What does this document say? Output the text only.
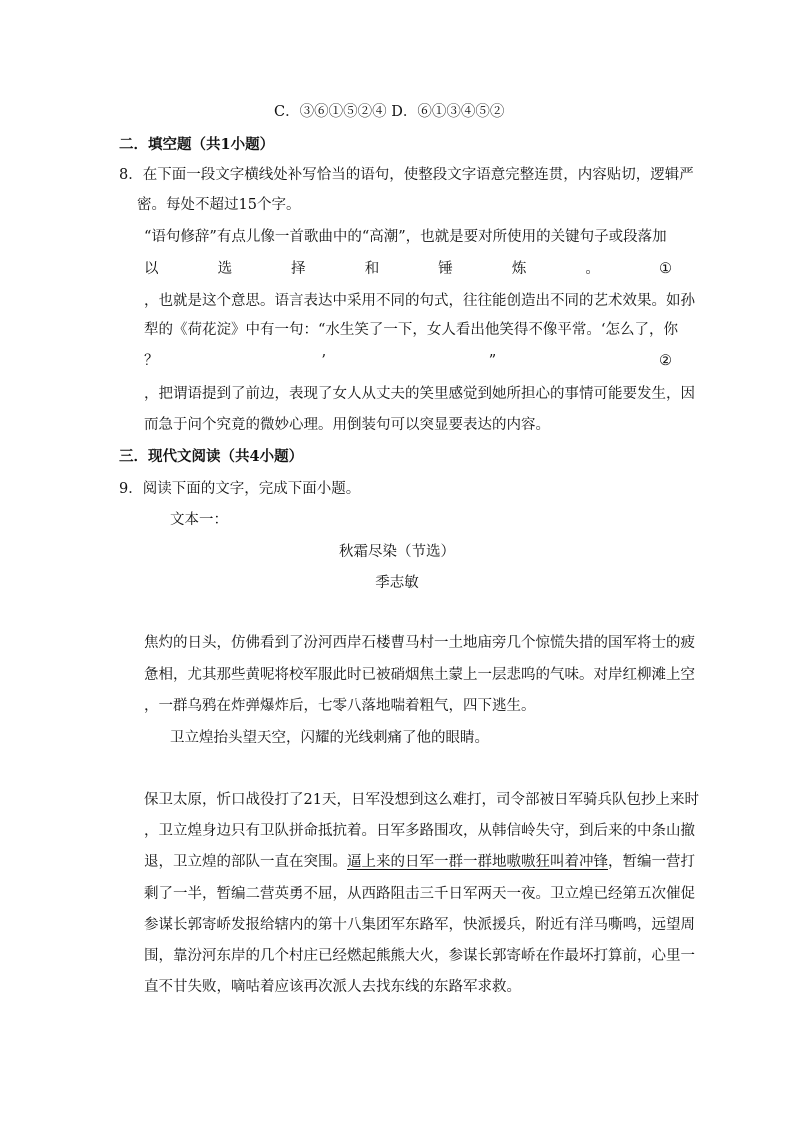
C．③⑥①⑤②④ D．⑥①③④⑤②
二．填空题（共1小题）
8．在下面一段文字横线处补写恰当的语句，使整段文字语意完整连贯，内容贴切，逻辑严
密。每处不超过15个字。
“语句修辞”有点儿像一首歌曲中的“高潮”，也就是要对所使用的关键句子或段落加
以	选	择	和	锤	炼	。	①
，也就是这个意思。语言表达中采用不同的句式，往往能创造出不同的艺术效果。如孙
犁的《荷花淀》中有一句：“水生笑了一下，女人看出他笑得不像平常。‘怎么了，你
？	’	”	②
，把谓语提到了前边，表现了女人从丈夫的笑里感觉到她所担心的事情可能要发生，因
而急于问个究竟的微妙心理。用倒装句可以突显要表达的内容。
三．现代文阅读（共4小题）
9．阅读下面的文字，完成下面小题。
文本一：
秋霜尽染（节选）
季志敏
焦灼的日头，仿佛看到了汾河西岸石楼曹马村一土地庙旁几个惊慌失措的国军将士的疲
惫相，尤其那些黄呢将校军服此时已被硝烟焦土蒙上一层悲呜的气味。对岸红柳滩上空
，一群乌鸦在炸弹爆炸后，七零八落地喘着粗气，四下逃生。
卫立煌抬头望天空，闪耀的光线刺痛了他的眼睛。
保卫太原，忻口战役打了21天，日军没想到这么难打，司令部被日军骑兵队包抄上来时
，卫立煌身边只有卫队拼命抵抗着。日军多路围攻，从韩信岭失守，到后来的中条山撤
退，卫立煌的部队一直在突围。逼上来的日军一群一群地嗷嗷狂叫着冲锋，暂编一营打
剩了一半，暂编二营英勇不屈，从西路阻击三千日军两天一夜。卫立煌已经第五次催促
参谋长郭寄峤发报给辖内的第十八集团军东路军，快派援兵，附近有洋马嘶鸣，远望周
围，靠汾河东岸的几个村庄已经燃起熊熊大火，参谋长郭寄峤在作最坏打算前，心里一
直不甘失败，嘀咕着应该再次派人去找东线的东路军求救。
